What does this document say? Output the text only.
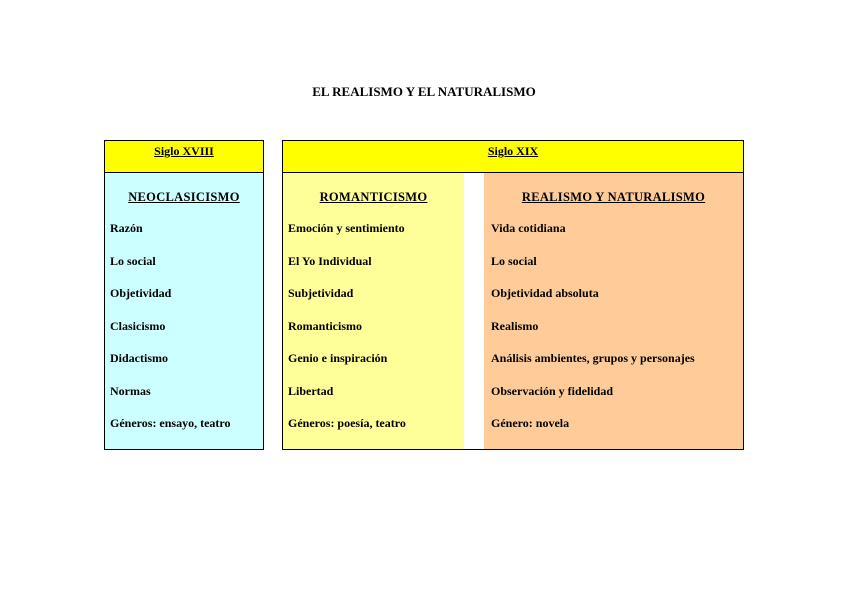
EL REALISMO Y EL NATURALISMO
Siglo XVIII	Siglo XIX
NEOCLASICISMO
Razón
Lo social
Objetividad
Clasicismo
Didactismo
Normas
Géneros: ensayo, teatro
ROMANTICISMO
Emoción y sentimiento
El Yo Individual
Subjetividad
Romanticismo
Genio e inspiración
Libertad
Géneros: poesía, teatro
REALISMO Y NATURALISMO
Vida cotidiana
Lo social
Objetividad absoluta
Realismo
Análisis ambientes, grupos y personajes
Observación y fidelidad
Género: novela
